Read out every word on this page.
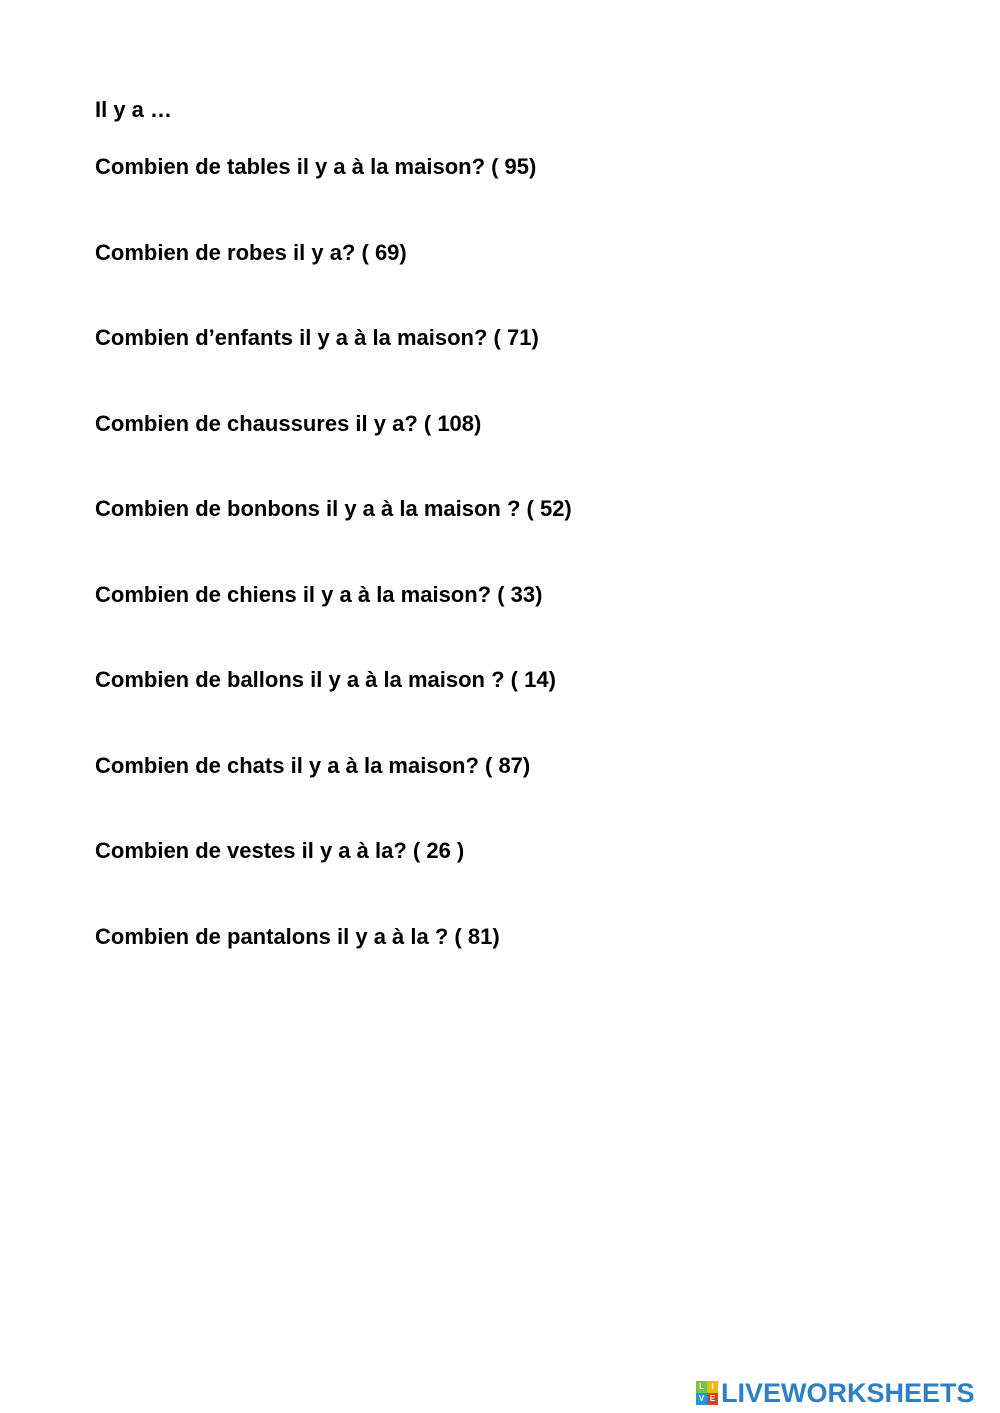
Il y a …
Combien de tables il y a à la maison? ( 95)
Combien de robes il y a? ( 69)
Combien d’enfants il y a à la maison? ( 71)
Combien de chaussures il y a? ( 108)
Combien de bonbons il y a à la maison ? ( 52)
Combien de chiens il y a à la maison? ( 33)
Combien de ballons il y a à la maison ? ( 14)
Combien de chats il y a à la maison? ( 87)
Combien de vestes il y a à la? ( 26 )
Combien de pantalons il y a à la ? ( 81)
L I
V E LIVEWORKSHEETS
